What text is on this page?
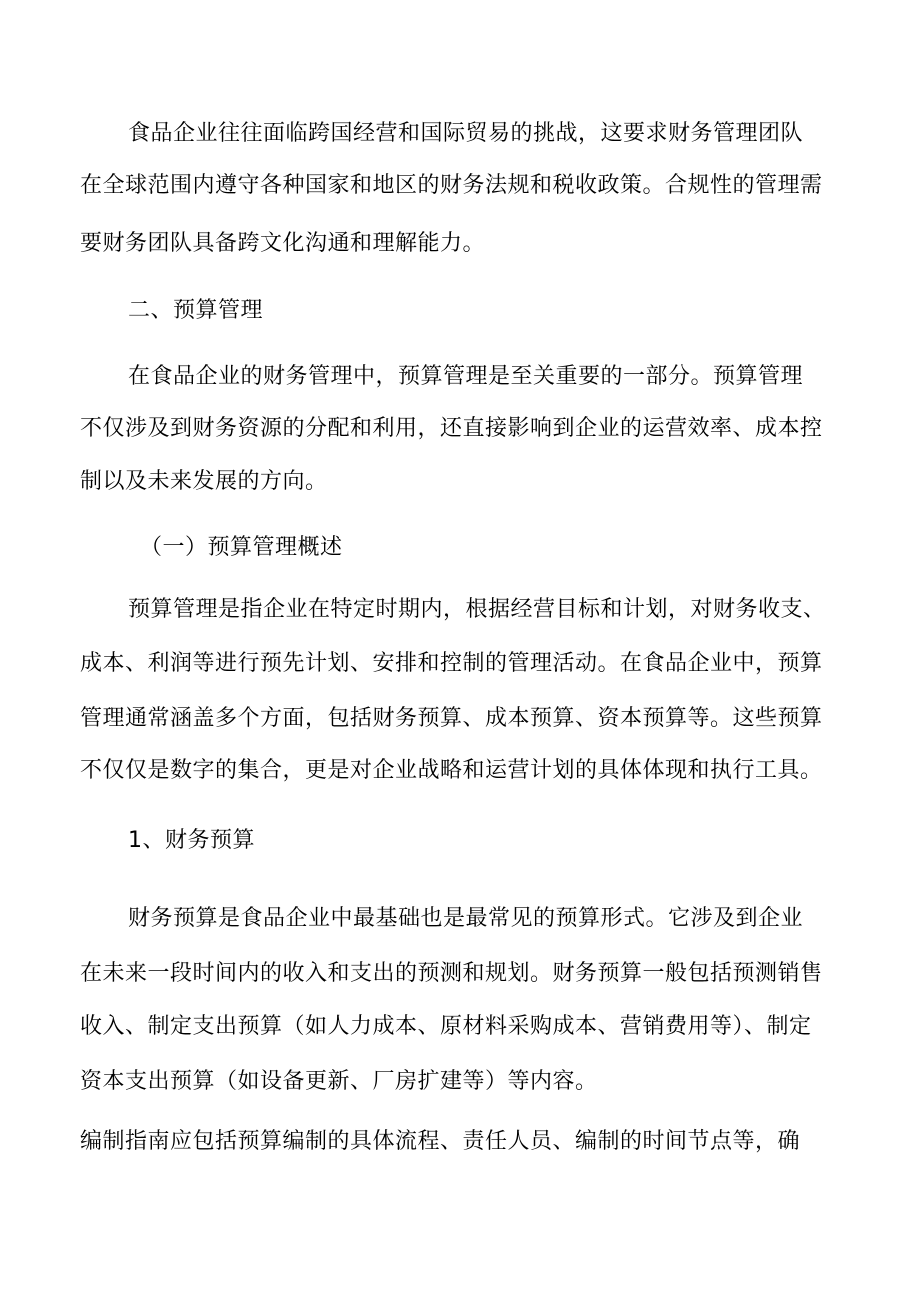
食品企业往往面临跨国经营和国际贸易的挑战，这要求财务管理团队
在全球范围内遵守各种国家和地区的财务法规和税收政策。合规性的管理需
要财务团队具备跨文化沟通和理解能力。
二、预算管理
在食品企业的财务管理中，预算管理是至关重要的一部分。预算管理
不仅涉及到财务资源的分配和利用，还直接影响到企业的运营效率、成本控
制以及未来发展的方向。
（一）预算管理概述
预算管理是指企业在特定时期内，根据经营目标和计划，对财务收支、
成本、利润等进行预先计划、安排和控制的管理活动。在食品企业中，预算
管理通常涵盖多个方面，包括财务预算、成本预算、资本预算等。这些预算
不仅仅是数字的集合，更是对企业战略和运营计划的具体体现和执行工具。
1、财务预算
财务预算是食品企业中最基础也是最常见的预算形式。它涉及到企业
在未来一段时间内的收入和支出的预测和规划。财务预算一般包括预测销售
收入、制定支出预算（如人力成本、原材料采购成本、营销费用等）、制定
资本支出预算（如设备更新、厂房扩建等）等内容。
编制指南应包括预算编制的具体流程、责任人员、编制的时间节点等，确
